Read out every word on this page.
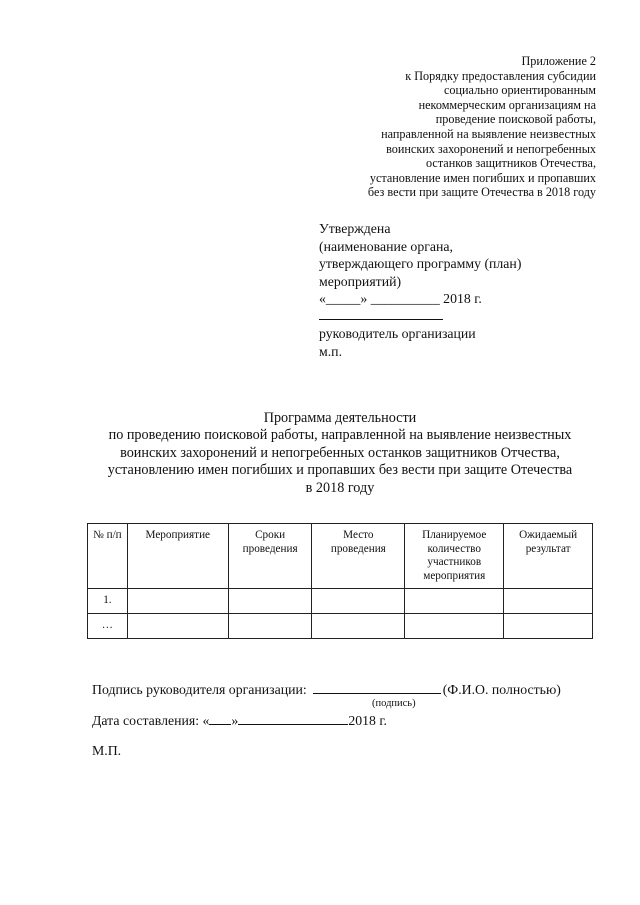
Приложение 2
к Порядку предоставления субсидии
социально ориентированным
некоммерческим организациям на
проведение поисковой работы,
направленной на выявление неизвестных
воинских захоронений и непогребенных
останков защитников Отечества,
установление имен погибших и пропавших
без вести при защите Отечества в 2018 году
Утверждена
(наименование органа,
утверждающего программу (план)
мероприятий)
«_____» __________ 2018 г.
руководитель организации
м.п.
Программа деятельности
по проведению поисковой работы, направленной на выявление неизвестных
воинских захоронений и непогребенных останков защитников Отчества,
установлению имен погибших и пропавших без вести при защите Отечества
в 2018 году
№ п/п	Мероприятие	Сроки проведения	Место проведения	Планируемое количество участников мероприятия	Ожидаемый результат
1.					
…					
Подпись руководителя организации:	(Ф.И.О. полностью)
(подпись)
Дата составления: « »	2018 г.
М.П.
